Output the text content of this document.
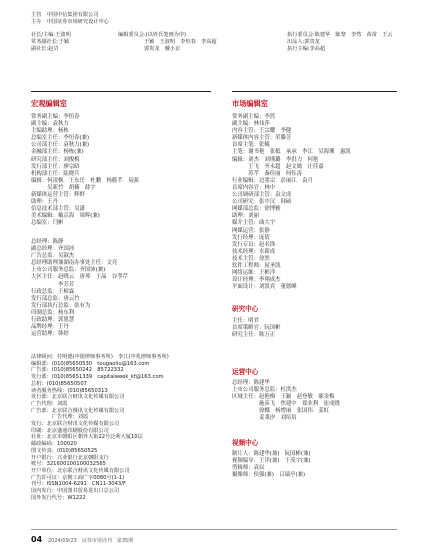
主管　中国中信集团有限公司
主办　中国证券市场研究设计中心

社长/主编:王波明
常务副社长:于颖
副社长:赵岩

编辑委员会:(以姓氏笔画为序)
　　　　　于颖　王波明　李恒春　李高超
　　　　　郭贵龙　戴小京

执行委员会:陈建华　陈黎　李然　苗苗　王云
出品人:郭贵龙
执行主编:李高超
宏观编辑室
常务副主编：李恒春
副主编：袁秋力
主编助理：杨栋
总编室主任：李恒春(兼)
公司部主任：袁秋力(兼)
金融部主任：杨栋(兼)
研究部主任：刘俊梅
发行部主任：廖宗昭
机构部主任：陆晓兵
编辑：何凌枫　王东岳　杜鹏　杨筱芊　易强
　　　吴新竹　胡楠　薛宇
新媒体运营主管：辉野
助理：王丹
信息技术部主管：吴潇
美术编辑：戴京海　周晖(兼)
总编室：闫彬
总经理：陈静
副总经理：齐国沛
广告总监：吴淑杰
总经理助理兼湖南办事处主任：文亮
上市公司服务总监：齐国沛(兼)
大区主任：赵晓云　唐琴　王晶　谷孝芹
　　　　　李芳芳
行政总监：王樟霖
发行部总监：唐云竹
发行部执行总监：张有为
印制总监：杨东利
行政助理：郭恩慧
品牌经理：王丹
运营助理：韩婷
法律顾问：付明德(中银律师事务所)　李江(中兆律师事务所)
编辑部：(010)85650530　tougaoliu@163.com
广告部：(010)85650242　85722332
发行部：(010)85651339　capitalweek_kf@163.com
总机：(010)85650507
读者服务热线：(010)85650313
发行部：北京联合财讯文化传媒有限公司
广告代理：刘霞
广告部：北京联合漫讯文化传媒有限公司
　　　　广告代理：刘霞
发行：北京联合财讯文化传媒有限公司
印刷：北京盛通印刷股份有限公司
社址：北京市朝阳区朝外大街22号泛利大厦10层
邮政编码：100020
图文传真：(010)85650525
开户银行：兴业银行北京朝阳支行
账号：321600100100032565
开户单位：北京联合财讯文化传媒有限公司
广告许可证：京朝工商广字0080号(1-1)
刊号：ISSN1004-6291　CN11-3043/F
国内发行：中国图书贸易进出口总公司
国外发行代号：W1222
市场编辑室
常务副主编：李然
副主编：林伟萍
内容主管：王宗耀　李健
新媒体内容主管：荣滕芳
首席主笔：张鲲
主笔：谢书艳　张柢　承承　李江　吴海珊　惠凯
编辑：刘杰　刘瑾璐　李洪力　何艳
　　　王飞　齐永超　赵文嫣　汪佳嘉
　　　苏芊　秦佳丽　何钰涛
行业编辑：边墨宗　彭丽江　袁月
首席内容官：林中
公司调研部主管：袁文成
公司研究：张中汉　韩硕
网媒部总监：徐博雅
助理：刘丽
媒介主管：曲大宇
网媒运营：张静
发行经理：庞倩
发行专员：赵名锋
技术经理：水新成
技术主管：徐然
软件工程师：屈圣凯
网络运维：王彬洋
设计经理：李翔成杰
平面设计：刘凯宾　董德峰
研究中心
主任：明君
首席策略官：阮国彬
研究主任：陈万正
运营中心
总经理：陈建华
上市公司服务总监：杜洪杰
区域主任：赵艳梅　王颖　赵登敏　郝金梅
　　　　　施彦飞　焦建中　郑业利　崔成晓
　　　　　徐娜　杨增丽　张国伟　姜虹
　　　　　姜秉汐　刘培培
视频中心
制片人：陈建华(兼)　阮国彬(兼)
视频编导：王洋(兼)　于茂宇(兼)
剪辑师：袁辰
摄像师：侯强(兼)　吕瑞亭(兼)
04 2024/09/23　证券市场周刊　第35期
